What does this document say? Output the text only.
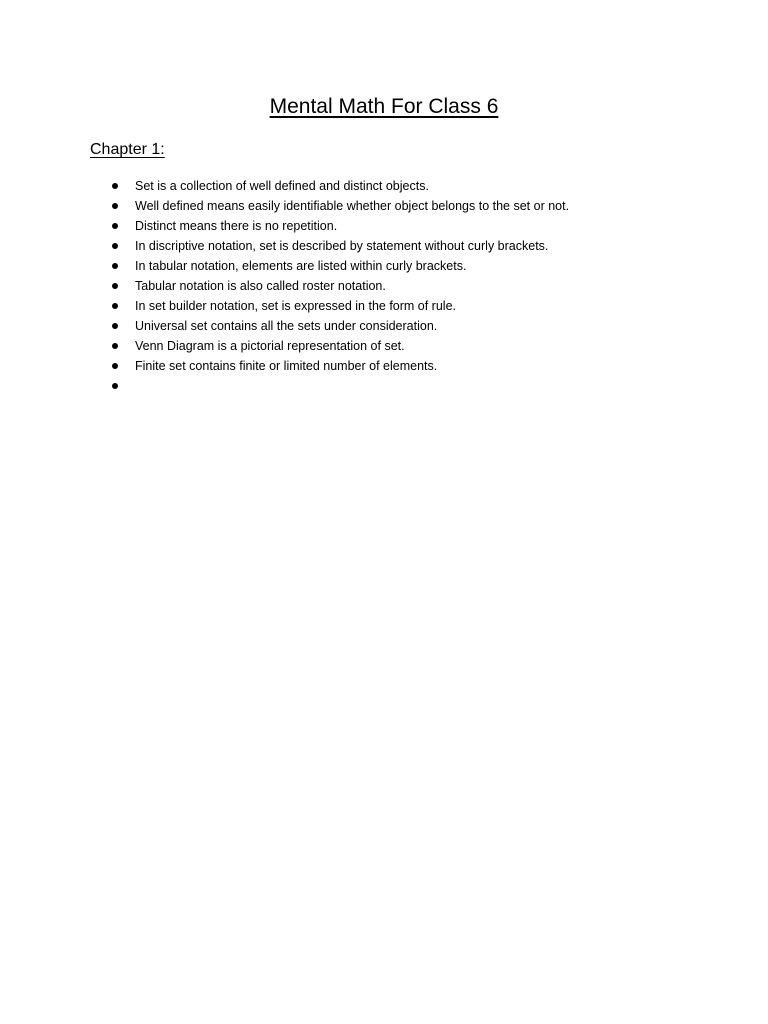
Mental Math For Class 6
Chapter 1:
Set is a collection of well defined and distinct objects.
Well defined means easily identifiable whether object belongs to the set or not.
Distinct means there is no repetition.
In discriptive notation, set is described by statement without curly brackets.
In tabular notation, elements are listed within curly brackets.
Tabular notation is also called roster notation.
In set builder notation, set is expressed in the form of rule.
Universal set contains all the sets under consideration.
Venn Diagram is a pictorial representation of set.
Finite set contains finite or limited number of elements.
